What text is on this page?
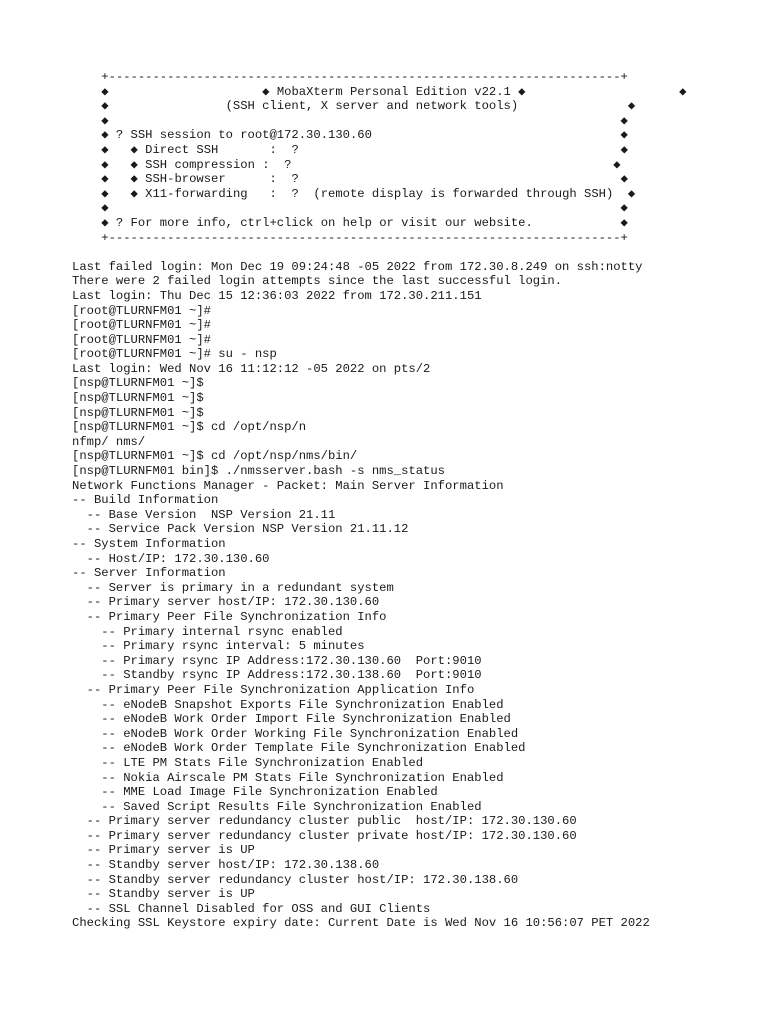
+----------------------------------------------------------------------+
◆                     ◆ MobaXterm Personal Edition v22.1 ◆                     ◆
◆                (SSH client, X server and network tools)               ◆
◆                                                                      ◆
◆ ? SSH session to root@172.30.130.60                                  ◆
◆   ◆ Direct SSH       :  ?                                            ◆
◆   ◆ SSH compression :  ?                                            ◆
◆   ◆ SSH-browser      :  ?                                            ◆
◆   ◆ X11-forwarding   :  ?  (remote display is forwarded through SSH)  ◆
◆                                                                      ◆
◆ ? For more info, ctrl+click on help or visit our website.            ◆
+----------------------------------------------------------------------+
Last failed login: Mon Dec 19 09:24:48 -05 2022 from 172.30.8.249 on ssh:notty
There were 2 failed login attempts since the last successful login.
Last login: Thu Dec 15 12:36:03 2022 from 172.30.211.151
[root@TLURNFM01 ~]#
[root@TLURNFM01 ~]#
[root@TLURNFM01 ~]#
[root@TLURNFM01 ~]# su - nsp
Last login: Wed Nov 16 11:12:12 -05 2022 on pts/2
[nsp@TLURNFM01 ~]$
[nsp@TLURNFM01 ~]$
[nsp@TLURNFM01 ~]$
[nsp@TLURNFM01 ~]$ cd /opt/nsp/n
nfmp/ nms/
[nsp@TLURNFM01 ~]$ cd /opt/nsp/nms/bin/
[nsp@TLURNFM01 bin]$ ./nmsserver.bash -s nms_status
Network Functions Manager - Packet: Main Server Information
-- Build Information
-- Base Version  NSP Version 21.11
-- Service Pack Version NSP Version 21.11.12
-- System Information
-- Host/IP: 172.30.130.60
-- Server Information
-- Server is primary in a redundant system
-- Primary server host/IP: 172.30.130.60
-- Primary Peer File Synchronization Info
-- Primary internal rsync enabled
-- Primary rsync interval: 5 minutes
-- Primary rsync IP Address:172.30.130.60  Port:9010
-- Standby rsync IP Address:172.30.138.60  Port:9010
-- Primary Peer File Synchronization Application Info
-- eNodeB Snapshot Exports File Synchronization Enabled
-- eNodeB Work Order Import File Synchronization Enabled
-- eNodeB Work Order Working File Synchronization Enabled
-- eNodeB Work Order Template File Synchronization Enabled
-- LTE PM Stats File Synchronization Enabled
-- Nokia Airscale PM Stats File Synchronization Enabled
-- MME Load Image File Synchronization Enabled
-- Saved Script Results File Synchronization Enabled
-- Primary server redundancy cluster public  host/IP: 172.30.130.60
-- Primary server redundancy cluster private host/IP: 172.30.130.60
-- Primary server is UP
-- Standby server host/IP: 172.30.138.60
-- Standby server redundancy cluster host/IP: 172.30.138.60
-- Standby server is UP
-- SSL Channel Disabled for OSS and GUI Clients
Checking SSL Keystore expiry date: Current Date is Wed Nov 16 10:56:07 PET 2022
